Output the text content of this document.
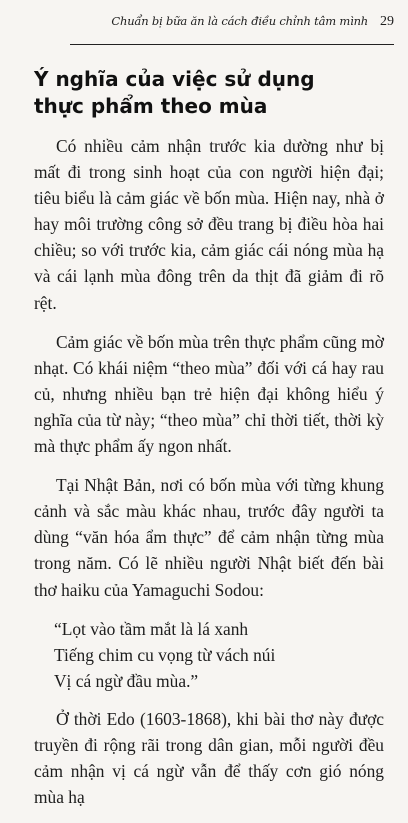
Chuẩn bị bữa ăn là cách điều chỉnh tâm mình 29
Ý nghĩa của việc sử dụng thực phẩm theo mùa

Có nhiều cảm nhận trước kia dường như bị mất đi trong sinh hoạt của con người hiện đại; tiêu biểu là cảm giác về bốn mùa. Hiện nay, nhà ở hay môi trường công sở đều trang bị điều hòa hai chiều; so với trước kia, cảm giác cái nóng mùa hạ và cái lạnh mùa đông trên da thịt đã giảm đi rõ rệt.

Cảm giác về bốn mùa trên thực phẩm cũng mờ nhạt. Có khái niệm “theo mùa” đối với cá hay rau củ, nhưng nhiều bạn trẻ hiện đại không hiểu ý nghĩa của từ này; “theo mùa” chỉ thời tiết, thời kỳ mà thực phẩm ấy ngon nhất.

Tại Nhật Bản, nơi có bốn mùa với từng khung cảnh và sắc màu khác nhau, trước đây người ta dùng “văn hóa ẩm thực” để cảm nhận từng mùa trong năm. Có lẽ nhiều người Nhật biết đến bài thơ haiku của Yamaguchi Sodou:

“Lọt vào tầm mắt là lá xanh
Tiếng chim cu vọng từ vách núi
Vị cá ngừ đầu mùa.”

Ở thời Edo (1603-1868), khi bài thơ này được truyền đi rộng rãi trong dân gian, mỗi người đều cảm nhận vị cá ngừ vẫn để thấy cơn gió nóng mùa hạ
